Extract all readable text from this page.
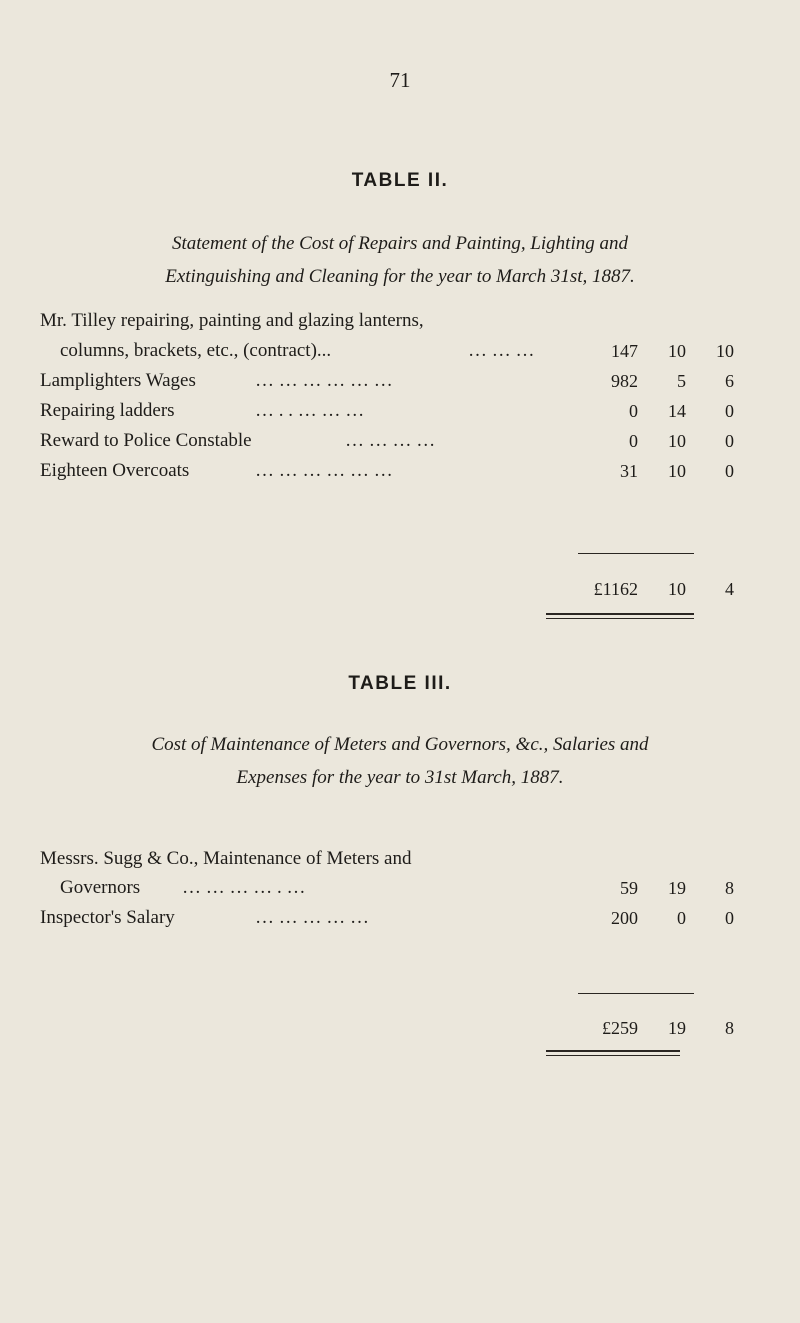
71
TABLE II.
Statement of the Cost of Repairs and Painting, Lighting and
Extinguishing and Cleaning for the year to March 31st, 1887.
Mr. Tilley repairing, painting and glazing lanterns,
columns, brackets, etc., (contract)...	… … …	147	10	10
Lamplighters Wages	… … … … … …	982	5	6
Repairing ladders	… . . … … …	0	14	0
Reward to Police Constable	… … … …	0	10	0
Eighteen Overcoats	… … … … … …	31	10	0
£1162	10	4
TABLE III.
Cost of Maintenance of Meters and Governors, &c., Salaries and
Expenses for the year to 31st March, 1887.
Messrs. Sugg & Co., Maintenance of Meters and
Governors … … … … . …	59	19	8
Inspector's Salary	… … … … …	200	0	0
£259	19	8
